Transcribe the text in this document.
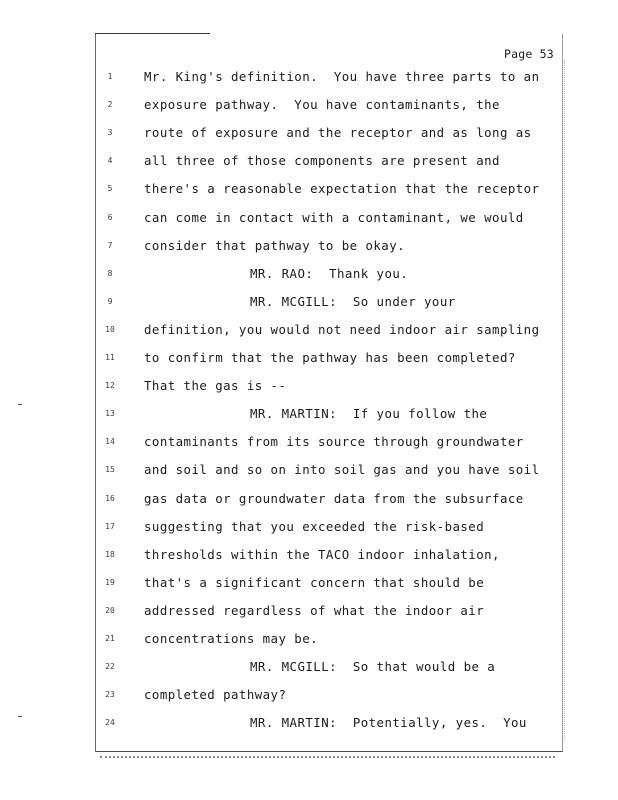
Page 53
1	Mr. King's definition.  You have three parts to an
2	exposure pathway.  You have contaminants, the
3	route of exposure and the receptor and as long as
4	all three of those components are present and
5	there's a reasonable expectation that the receptor
6	can come in contact with a contaminant, we would
7	consider that pathway to be okay.
8	MR. RAO:  Thank you.
9	MR. MCGILL:  So under your
10	definition, you would not need indoor air sampling
11	to confirm that the pathway has been completed?
12	That the gas is --
13	MR. MARTIN:  If you follow the
14	contaminants from its source through groundwater
15	and soil and so on into soil gas and you have soil
16	gas data or groundwater data from the subsurface
17	suggesting that you exceeded the risk-based
18	thresholds within the TACO indoor inhalation,
19	that's a significant concern that should be
20	addressed regardless of what the indoor air
21	concentrations may be.
22	MR. MCGILL:  So that would be a
23	completed pathway?
24	MR. MARTIN:  Potentially, yes.  You
